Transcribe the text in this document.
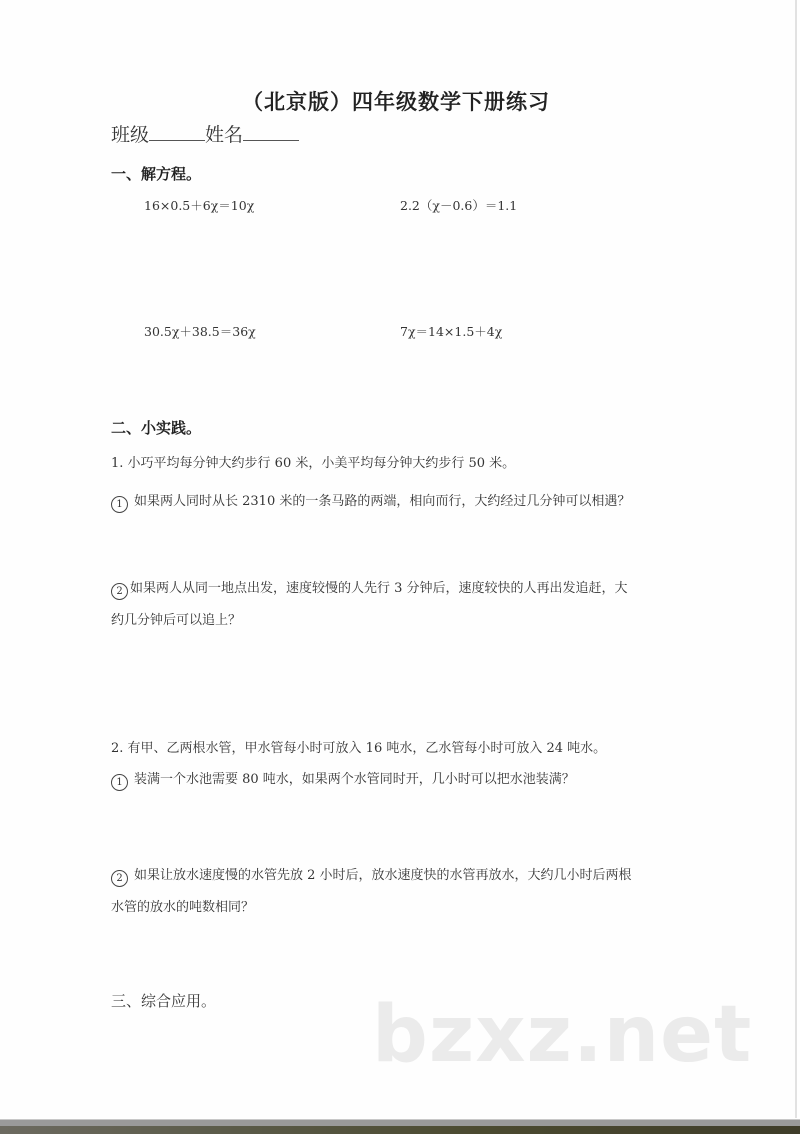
（北京版）四年级数学下册练习
班级	姓名
一、解方程。
16×0.5＋6χ＝10χ	2.2（χ－0.6）＝1.1
30.5χ＋38.5＝36χ	7χ＝14×1.5＋4χ
二、小实践。
1. 小巧平均每分钟大约步行 60 米，小美平均每分钟大约步行 50 米。
1 如果两人同时从长 2310 米的一条马路的两端，相向而行，大约经过几分钟可以相遇？
2 如果两人从同一地点出发，速度较慢的人先行 3 分钟后，速度较快的人再出发追赶，大
约几分钟后可以追上？
2. 有甲、乙两根水管，甲水管每小时可放入 16 吨水，乙水管每小时可放入 24 吨水。
1 装满一个水池需要 80 吨水，如果两个水管同时开，几小时可以把水池装满？
2 如果让放水速度慢的水管先放 2 小时后，放水速度快的水管再放水，大约几小时后两根
水管的放水的吨数相同？
三、综合应用。 bzxz.net
